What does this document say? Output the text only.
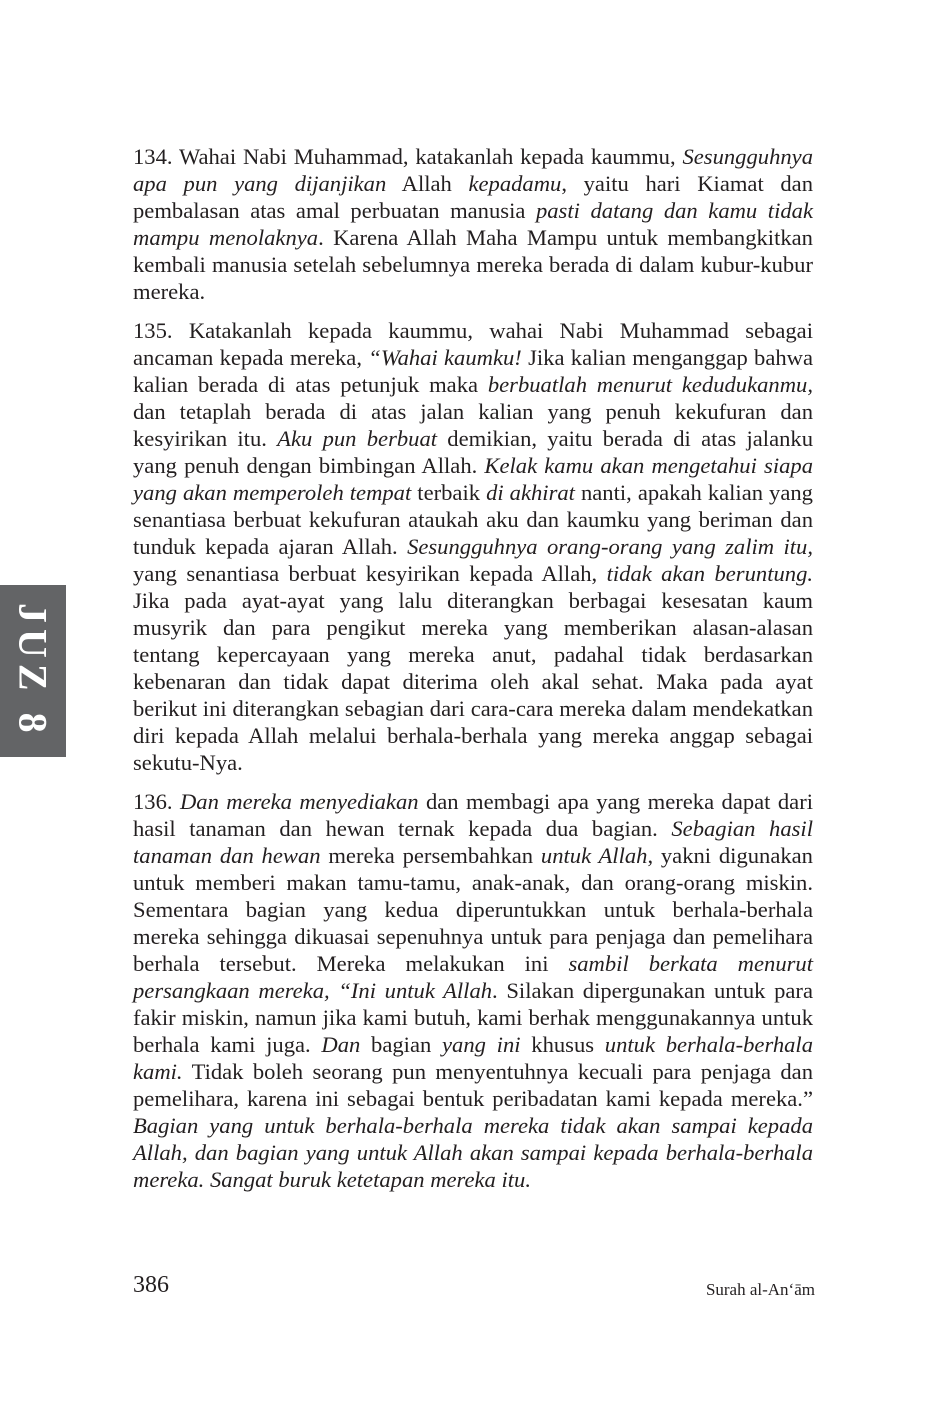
JUZ 8

134. Wahai Nabi Muhammad, katakanlah kepada kaummu, Sesungguhnya apa pun yang dijanjikan Allah kepadamu, yaitu hari Kiamat dan pembalasan atas amal perbuatan manusia pasti datang dan kamu tidak mampu menolaknya. Karena Allah Maha Mampu untuk membangkitkan kembali manusia setelah sebelumnya mereka berada di dalam kubur-kubur mereka.

135. Katakanlah kepada kaummu, wahai Nabi Muhammad sebagai ancaman kepada mereka, “Wahai kaumku! Jika kalian menganggap bahwa kalian berada di atas petunjuk maka berbuatlah menurut kedudukanmu, dan tetaplah berada di atas jalan kalian yang penuh kekufuran dan kesyirikan itu. Aku pun berbuat demikian, yaitu berada di atas jalanku yang penuh dengan bimbingan Allah. Kelak kamu akan mengetahui siapa yang akan memperoleh tempat terbaik di akhirat nanti, apakah kalian yang senantiasa berbuat kekufuran ataukah aku dan kaumku yang beriman dan tunduk kepada ajaran Allah. Sesungguhnya orang-orang yang zalim itu, yang senantiasa berbuat kesyirikan kepada Allah, tidak akan beruntung. Jika pada ayat-ayat yang lalu diterangkan berbagai kesesatan kaum musyrik dan para pengikut mereka yang memberikan alasan-alasan tentang kepercayaan yang mereka anut, padahal tidak berdasarkan kebenaran dan tidak dapat diterima oleh akal sehat. Maka pada ayat berikut ini diterangkan sebagian dari cara-cara mereka dalam mendekatkan diri kepada Allah melalui berhala-berhala yang mereka anggap sebagai sekutu-Nya.

136. Dan mereka menyediakan dan membagi apa yang mereka dapat dari hasil tanaman dan hewan ternak kepada dua bagian. Sebagian hasil tanaman dan hewan mereka persembahkan untuk Allah, yakni digunakan untuk memberi makan tamu-tamu, anak-anak, dan orang-orang miskin. Sementara bagian yang kedua diperuntukkan untuk berhala-berhala mereka sehingga dikuasai sepenuhnya untuk para penjaga dan pemelihara berhala tersebut. Mereka melakukan ini sambil berkata menurut persangkaan mereka, “Ini untuk Allah. Silakan dipergunakan untuk para fakir miskin, namun jika kami butuh, kami berhak menggunakannya untuk berhala kami juga. Dan bagian yang ini khusus untuk berhala-berhala kami. Tidak boleh seorang pun menyentuhnya kecuali para penjaga dan pemelihara, karena ini sebagai bentuk peribadatan kami kepada mereka.” Bagian yang untuk berhala-berhala mereka tidak akan sampai kepada Allah, dan bagian yang untuk Allah akan sampai kepada berhala-berhala mereka. Sangat buruk ketetapan mereka itu.

386	Surah al-An‘ām
